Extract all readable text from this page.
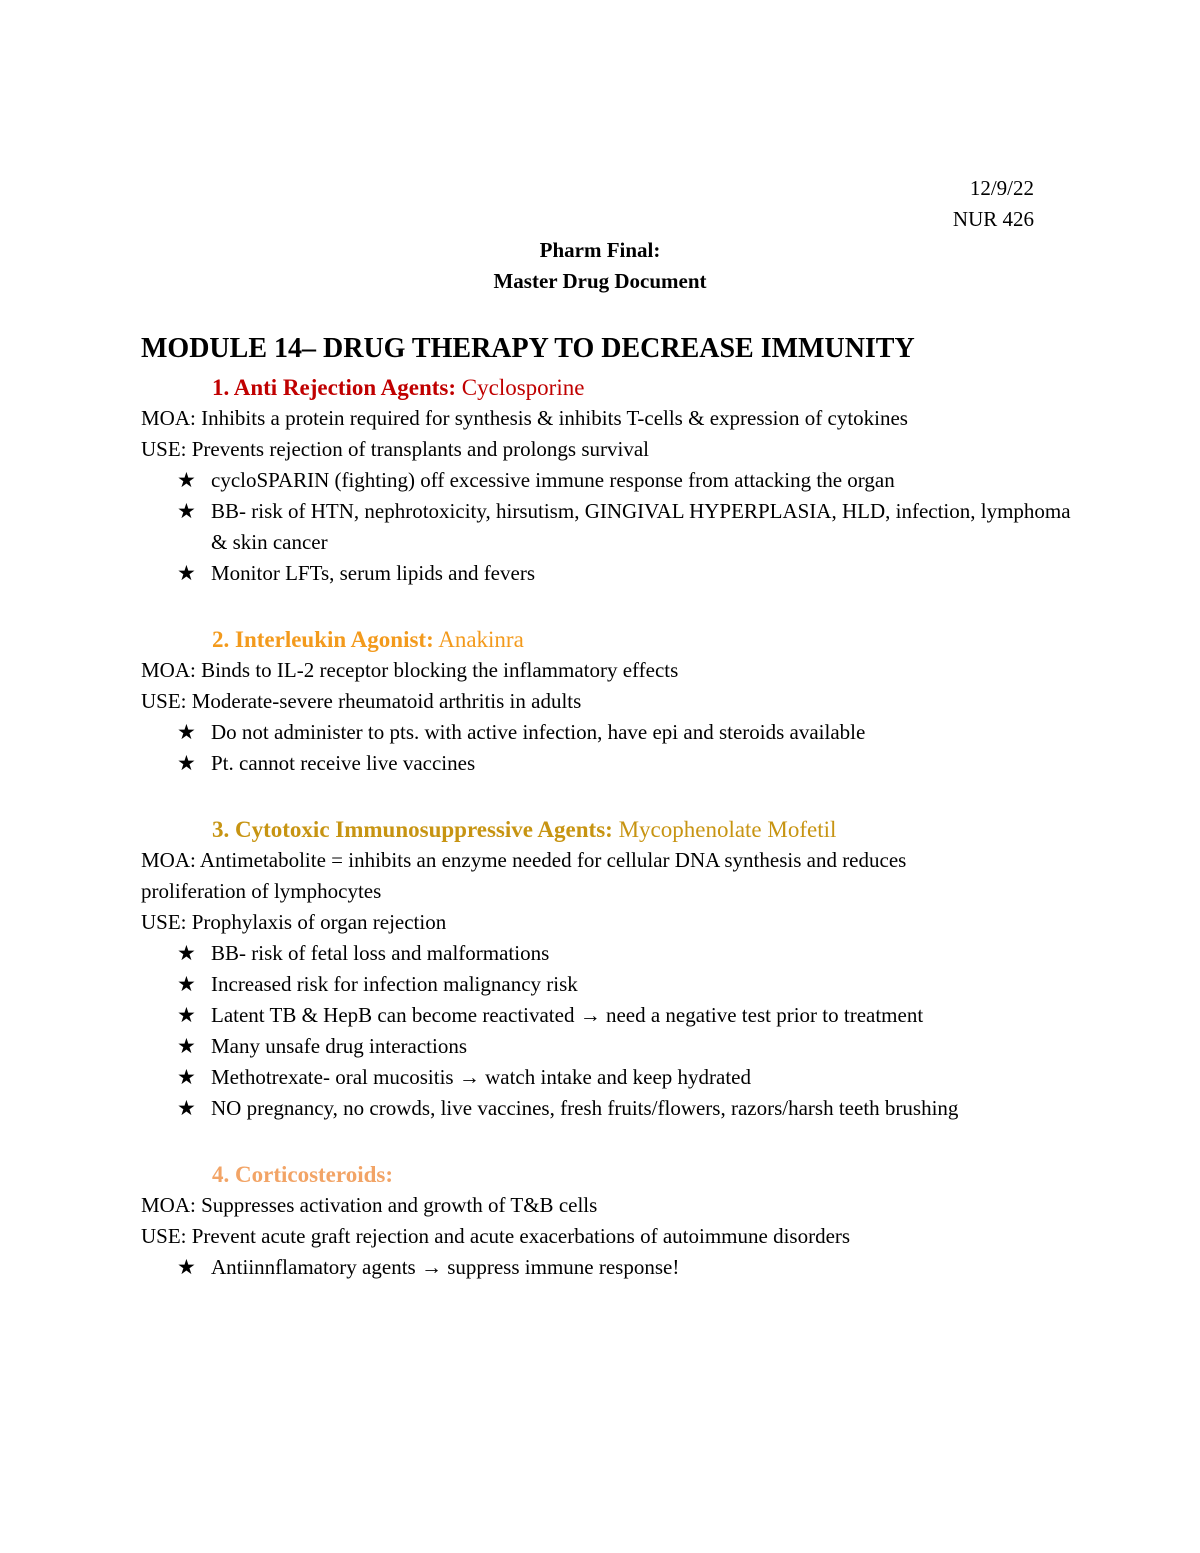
12/9/22
NUR 426
Pharm Final:
Master Drug Document
MODULE 14– DRUG THERAPY TO DECREASE IMMUNITY
1. Anti Rejection Agents: Cyclosporine
MOA: Inhibits a protein required for synthesis & inhibits T-cells & expression of cytokines
USE: Prevents rejection of transplants and prolongs survival
★ cycloSPARIN (fighting) off excessive immune response from attacking the organ
★ BB- risk of HTN, nephrotoxicity, hirsutism, GINGIVAL HYPERPLASIA, HLD, infection, lymphoma & skin cancer
★ Monitor LFTs, serum lipids and fevers
2. Interleukin Agonist: Anakinra
MOA: Binds to IL-2 receptor blocking the inflammatory effects
USE: Moderate-severe rheumatoid arthritis in adults
★ Do not administer to pts. with active infection, have epi and steroids available
★ Pt. cannot receive live vaccines
3. Cytotoxic Immunosuppressive Agents: Mycophenolate Mofetil
MOA: Antimetabolite = inhibits an enzyme needed for cellular DNA synthesis and reduces
proliferation of lymphocytes
USE: Prophylaxis of organ rejection
★ BB- risk of fetal loss and malformations
★ Increased risk for infection malignancy risk
★ Latent TB & HepB can become reactivated → need a negative test prior to treatment
★ Many unsafe drug interactions
★ Methotrexate- oral mucositis → watch intake and keep hydrated
★ NO pregnancy, no crowds, live vaccines, fresh fruits/flowers, razors/harsh teeth brushing
4. Corticosteroids:
MOA: Suppresses activation and growth of T&B cells
USE: Prevent acute graft rejection and acute exacerbations of autoimmune disorders
★ Antiinnflamatory agents → suppress immune response!
